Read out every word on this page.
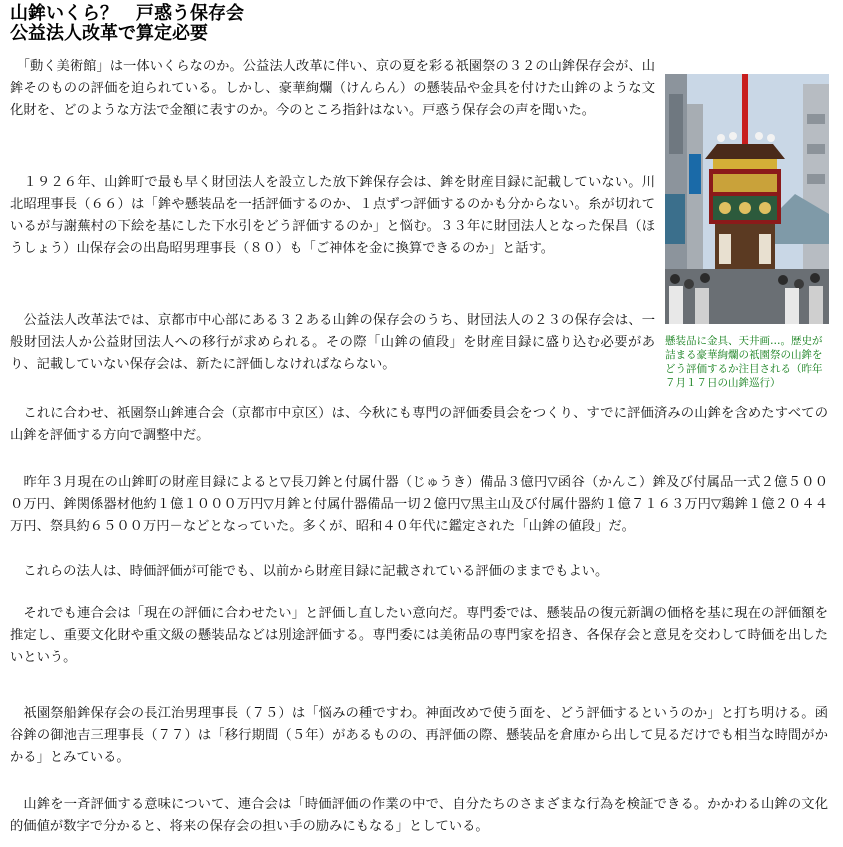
山鉾いくら？　戸惑う保存会
公益法人改革で算定必要
懸装品に金具、天井画…。歴史が詰まる豪華絢爛の祇園祭の山鉾をどう評価するか注目される（昨年７月１７日の山鉾巡行）

　「動く美術館」は一体いくらなのか。公益法人改革に伴い、京の夏を彩る祇園祭の３２の山鉾保存会が、山鉾そのものの評価を迫られている。しかし、豪華絢爛（けんらん）の懸装品や金具を付けた山鉾のような文化財を、どのような方法で金額に表すのか。今のところ指針はない。戸惑う保存会の声を聞いた。

　１９２６年、山鉾町で最も早く財団法人を設立した放下鉾保存会は、鉾を財産目録に記載していない。川北昭理事長（６６）は「鉾や懸装品を一括評価するのか、１点ずつ評価するのかも分からない。糸が切れているが与謝蕪村の下絵を基にした下水引をどう評価するのか」と悩む。３３年に財団法人となった保昌（ほうしょう）山保存会の出島昭男理事長（８０）も「ご神体を金に換算できるのか」と話す。

　公益法人改革法では、京都市中心部にある３２ある山鉾の保存会のうち、財団法人の２３の保存会は、一般財団法人か公益財団法人への移行が求められる。その際「山鉾の値段」を財産目録に盛り込む必要があり、記載していない保存会は、新たに評価しなければならない。

　これに合わせ、祇園祭山鉾連合会（京都市中京区）は、今秋にも専門の評価委員会をつくり、すでに評価済みの山鉾を含めたすべての山鉾を評価する方向で調整中だ。

　昨年３月現在の山鉾町の財産目録によると▽長刀鉾と付属什器（じゅうき）備品３億円▽函谷（かんこ）鉾及び付属品一式２億５０００万円、鉾関係器材他約１億１０００万円▽月鉾と付属什器備品一切２億円▽黒主山及び付属什器約１億７１６３万円▽鶏鉾１億２０４４万円、祭具約６５００万円－などとなっていた。多くが、昭和４０年代に鑑定された「山鉾の値段」だ。

　これらの法人は、時価評価が可能でも、以前から財産目録に記載されている評価のままでもよい。

　それでも連合会は「現在の評価に合わせたい」と評価し直したい意向だ。専門委では、懸装品の復元新調の価格を基に現在の評価額を推定し、重要文化財や重文級の懸装品などは別途評価する。専門委には美術品の専門家を招き、各保存会と意見を交わして時価を出したいという。

　祇園祭船鉾保存会の長江治男理事長（７５）は「悩みの種ですわ。神面改めで使う面を、どう評価するというのか」と打ち明ける。函谷鉾の御池吉三理事長（７７）は「移行期間（５年）があるものの、再評価の際、懸装品を倉庫から出して見るだけでも相当な時間がかかる」とみている。

　山鉾を一斉評価する意味について、連合会は「時価評価の作業の中で、自分たちのさまざまな行為を検証できる。かかわる山鉾の文化的価値が数字で分かると、将来の保存会の担い手の励みにもなる」としている。
